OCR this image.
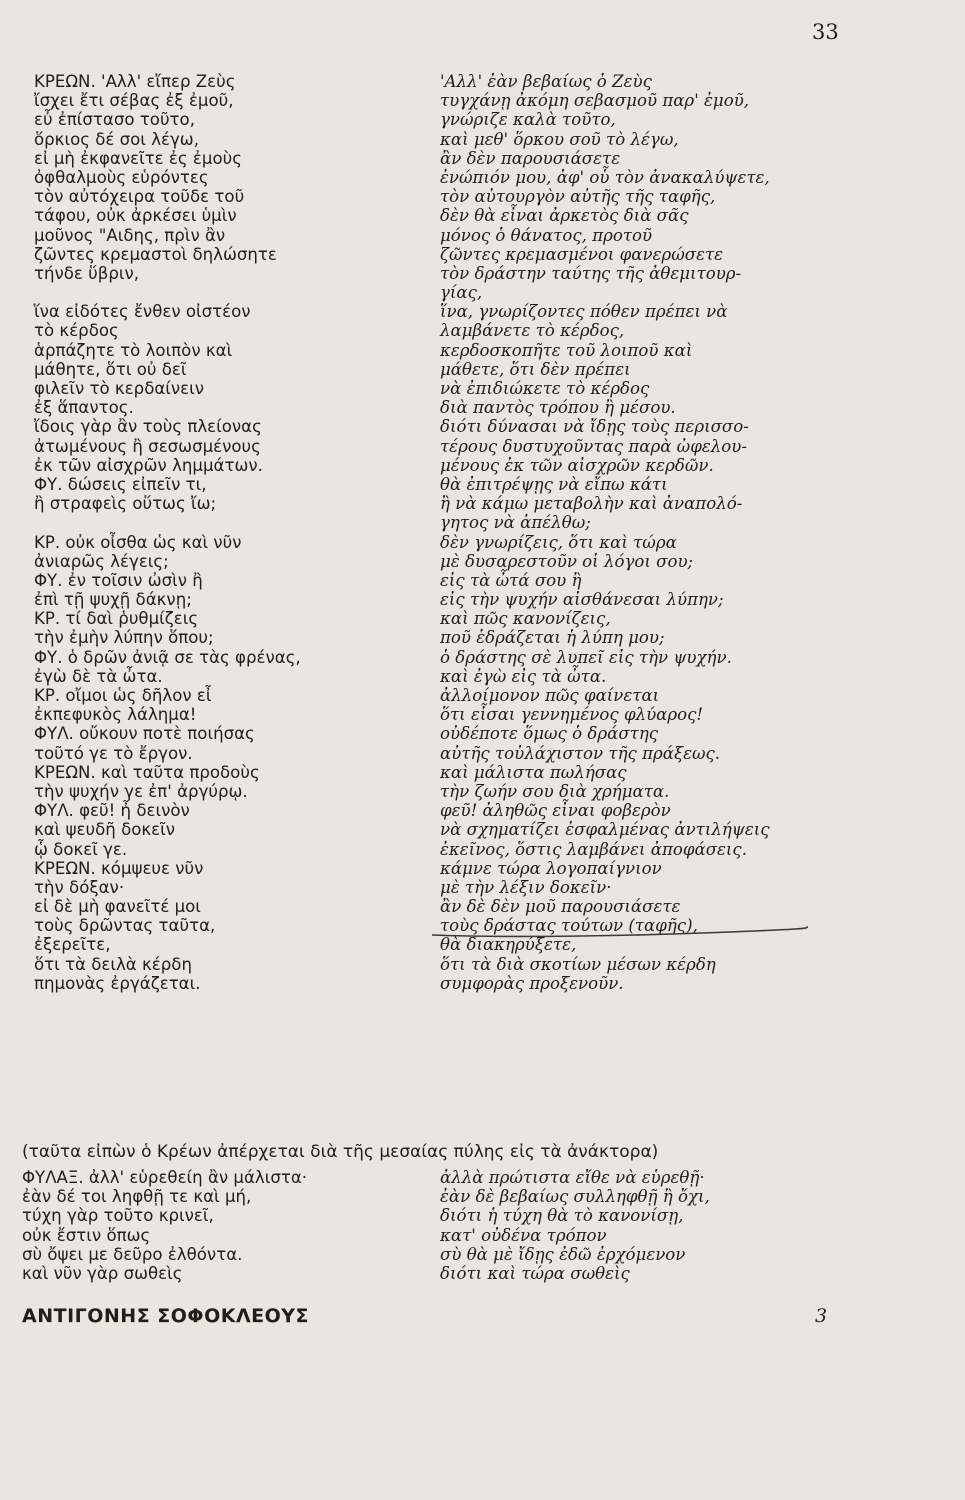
33
ΚΡΕΩΝ. 'Αλλ' εἴπερ Ζεὺς
ἴσχει ἔτι σέβας ἐξ ἐμοῦ,
εὖ ἐπίστασο τοῦτο,
ὅρκιος δέ σοι λέγω,
εἰ μὴ ἐκφανεῖτε ἐς ἐμοὺς
ὀφθαλμοὺς εὑρόντες
τὸν αὐτόχειρα τοῦδε τοῦ
τάφου, οὐκ ἀρκέσει ὑμὶν
μοῦνος "Αιδης, πρὶν ἂν
ζῶντες κρεμαστοὶ δηλώσητε
τήνδε ὕβριν,
ἵνα εἰδότες ἔνθεν οἰστέον
τὸ κέρδος
ἁρπάζητε τὸ λοιπὸν καὶ
μάθητε, ὅτι οὐ δεῖ
φιλεῖν τὸ κερδαίνειν
ἐξ ἅπαντος.
ἴδοις γὰρ ἂν τοὺς πλείονας
ἀτωμένους ἢ σεσωσμένους
ἐκ τῶν αἰσχρῶν λημμάτων.
ΦΥ. δώσεις εἰπεῖν τι,
ἢ στραφεὶς οὕτως ἴω;
ΚΡ. οὐκ οἶσθα ὡς καὶ νῦν
ἀνιαρῶς λέγεις;
ΦΥ. ἐν τοῖσιν ὠσὶν ἢ
ἐπὶ τῇ ψυχῇ δάκνῃ;
ΚΡ. τί δαὶ ῥυθμίζεις
τὴν ἐμὴν λύπην ὅπου;
ΦΥ. ὁ δρῶν ἀνιᾷ σε τὰς φρένας,
ἐγὼ δὲ τὰ ὦτα.
ΚΡ. οἴμοι ὡς δῆλον εἶ
ἐκπεφυκὸς λάλημα!
ΦΥΛ. οὔκουν ποτὲ ποιήσας
τοῦτό γε τὸ ἔργον.
ΚΡΕΩΝ. καὶ ταῦτα προδοὺς
τὴν ψυχήν γε ἐπ' ἀργύρῳ.
ΦΥΛ. φεῦ! ἦ δεινὸν
καὶ ψευδῆ δοκεῖν
ᾧ δοκεῖ γε.
ΚΡΕΩΝ. κόμψευε νῦν
τὴν δόξαν·
εἰ δὲ μὴ φανεῖτέ μοι
τοὺς δρῶντας ταῦτα,
ἐξερεῖτε,
ὅτι τὰ δειλὰ κέρδη
πημονὰς ἐργάζεται.
'Αλλ' ἐὰν βεβαίως ὁ Ζεὺς
τυγχάνῃ ἀκόμη σεβασμοῦ παρ' ἐμοῦ,
γνώριζε καλὰ τοῦτο,
καὶ μεθ' ὅρκου σοῦ τὸ λέγω,
ἂν δὲν παρουσιάσετε
ἐνώπιόν μου, ἀφ' οὗ τὸν ἀνακαλύψετε,
τὸν αὐτουργὸν αὐτῆς τῆς ταφῆς,
δὲν θὰ εἶναι ἀρκετὸς διὰ σᾶς
μόνος ὁ θάνατος, προτοῦ
ζῶντες κρεμασμένοι φανερώσετε
τὸν δράστην ταύτης τῆς ἀθεμιτουρ-
γίας,
ἵνα, γνωρίζοντες πόθεν πρέπει νὰ
λαμβάνετε τὸ κέρδος,
κερδοσκοπῆτε τοῦ λοιποῦ καὶ
μάθετε, ὅτι δὲν πρέπει
νὰ ἐπιδιώκετε τὸ κέρδος
διὰ παντὸς τρόπου ἢ μέσου.
διότι δύνασαι νὰ ἴδῃς τοὺς περισσο-
τέρους δυστυχοῦντας παρὰ ὠφελου-
μένους ἐκ τῶν αἰσχρῶν κερδῶν.
θὰ ἐπιτρέψῃς νὰ εἴπω κάτι
ἢ νὰ κάμω μεταβολὴν καὶ ἀναπολό-
γητος νὰ ἀπέλθω;
δὲν γνωρίζεις, ὅτι καὶ τώρα
μὲ δυσαρεστοῦν οἱ λόγοι σου;
εἰς τὰ ὦτά σου ἢ
εἰς τὴν ψυχήν αἰσθάνεσαι λύπην;
καὶ πῶς κανονίζεις,
ποῦ ἑδράζεται ἡ λύπη μου;
ὁ δράστης σὲ λυπεῖ εἰς τὴν ψυχήν.
καὶ ἐγὼ εἰς τὰ ὦτα.
ἀλλοίμονον πῶς φαίνεται
ὅτι εἶσαι γεννημένος φλύαρος!
οὐδέποτε ὅμως ὁ δράστης
αὐτῆς τοὐλάχιστον τῆς πράξεως.
καὶ μάλιστα πωλήσας
τὴν ζωήν σου διὰ χρήματα.
φεῦ! ἀληθῶς εἶναι φοβερὸν
νὰ σχηματίζει ἐσφαλμένας ἀντιλήψεις
ἐκεῖνος, ὅστις λαμβάνει ἀποφάσεις.
κάμνε τώρα λογοπαίγνιον
μὲ τὴν λέξιν δοκεῖν·
ἂν δὲ δὲν μοῦ παρουσιάσετε
τοὺς δράστας τούτων (ταφῆς),
θὰ διακηρύξετε,
ὅτι τὰ διὰ σκοτίων μέσων κέρδη
συμφορὰς προξενοῦν.
(ταῦτα εἰπὼν ὁ Κρέων ἀπέρχεται διὰ τῆς μεσαίας πύλης εἰς τὰ ἀνάκτορα)
ΦΥΛΑΞ. ἀλλ' εὑρεθείη ἂν μάλιστα·
ἐὰν δέ τοι ληφθῇ τε καὶ μή,
τύχη γὰρ τοῦτο κρινεῖ,
οὐκ ἔστιν ὅπως
σὺ ὄψει με δεῦρο ἐλθόντα.
καὶ νῦν γὰρ σωθεὶς
ἀλλὰ πρώτιστα εἴθε νὰ εὑρεθῇ·
ἐὰν δὲ βεβαίως συλληφθῇ ἢ ὄχι,
διότι ἡ τύχη θὰ τὸ κανονίσῃ,
κατ' οὐδένα τρόπον
σὺ θὰ μὲ ἴδῃς ἐδῶ ἐρχόμενον
διότι καὶ τώρα σωθεὶς
ΑΝΤΙΓΟΝΗΣ ΣΟΦΟΚΛΕΟΥΣ	3
